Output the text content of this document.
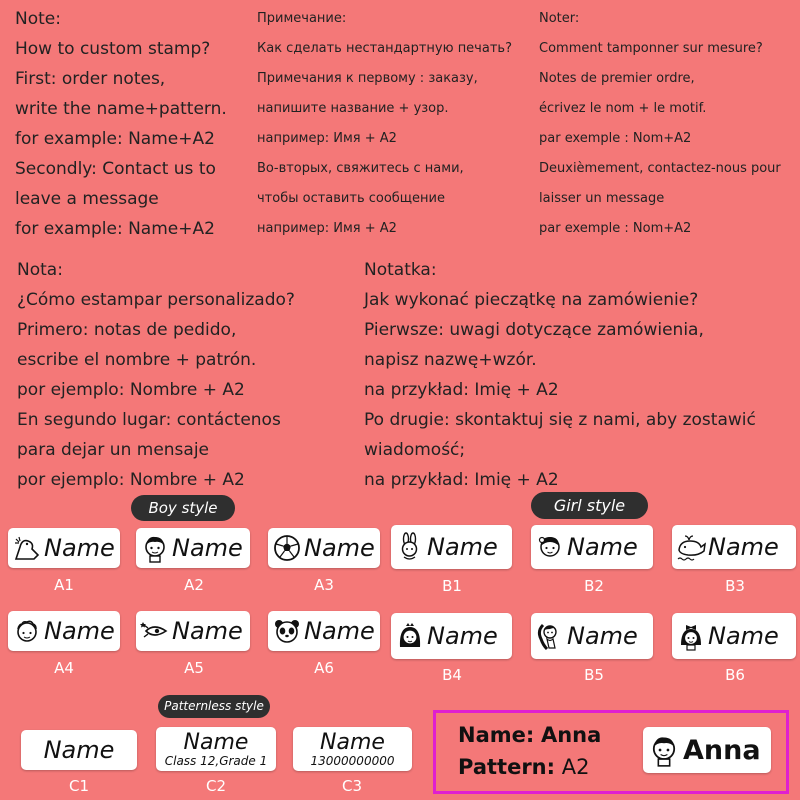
Note:
How to custom stamp?
First: order notes,
write the name+pattern.
for example: Name+A2
Secondly: Contact us to
leave a message
for example: Name+A2
Примечание:
Как сделать нестандартную печать?
Примечания к первому : заказу,
напишите название + узор.
например: Имя + A2
Во-вторых, свяжитесь с нами,
чтобы оставить сообщение
например: Имя + A2
Noter:
Comment tamponner sur mesure?
Notes de premier ordre,
écrivez le nom + le motif.
par exemple : Nom+A2
Deuxièmement, contactez-nous pour
laisser un message
par exemple : Nom+A2
Nota:
¿Cómo estampar personalizado?
Primero: notas de pedido,
escribe el nombre + patrón.
por ejemplo: Nombre + A2
En segundo lugar: contáctenos
para dejar un mensaje
por ejemplo: Nombre + A2
Notatka:
Jak wykonać pieczątkę na zamówienie?
Pierwsze: uwagi dotyczące zamówienia,
napisz nazwę+wzór.
na przykład: Imię + A2
Po drugie: skontaktuj się z nami, aby zostawić
wiadomość;
na przykład: Imię + A2
Boy style	Girl style
Patternless style
Name
A1
Name
A2
Name
A3
Name
A4
Name
A5
Name
A6
Name
B1
Name
B2
Name
B3
Name
B4
Name
B5
Name
B6
Name
C1
Name
Class 12,Grade 1
C2
Name
13000000000
C3
Name: Anna
Pattern: A2
Anna
